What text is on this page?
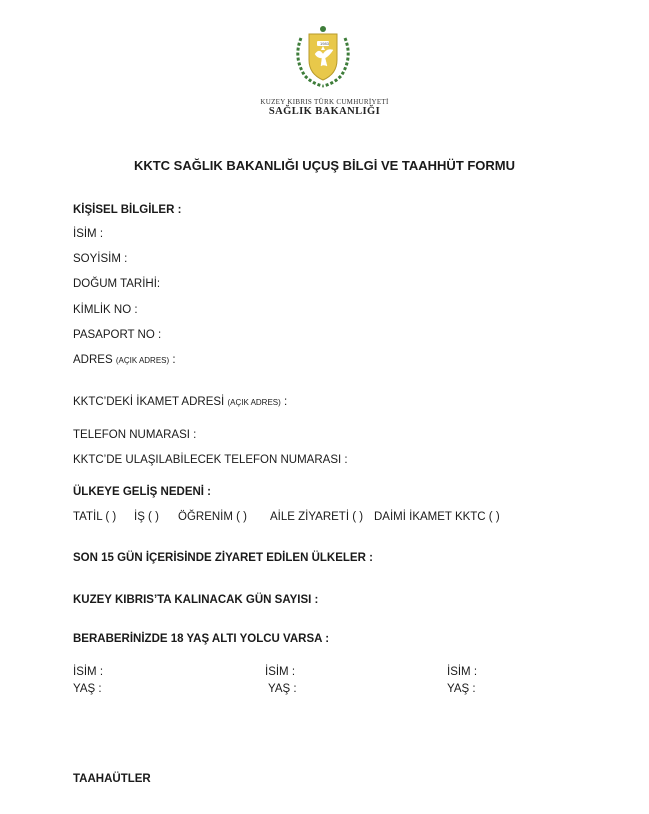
1983
KUZEY KIBRIS TÜRK CUMHURİYETİ
SAĞLIK BAKANLIĞI
KKTC SAĞLIK BAKANLIĞI UÇUŞ BİLGİ VE TAAHHÜT FORMU
KİŞİSEL BİLGİLER :
İSİM :
SOYİSİM :
DOĞUM TARİHİ:
KİMLİK NO :
PASAPORT NO :
ADRES (AÇIK ADRES) :
KKTC’DEKİ İKAMET ADRESİ (AÇIK ADRES) :
TELEFON NUMARASI :
KKTC’DE ULAŞILABİLECEK TELEFON NUMARASI :
ÜLKEYE GELİŞ NEDENİ :
TATİL ( ) İŞ ( ) ÖĞRENİM ( ) AİLE ZİYARETİ ( ) DAİMİ İKAMET KKTC ( )
SON 15 GÜN İÇERİSİNDE ZİYARET EDİLEN ÜLKELER :
KUZEY KIBRIS’TA KALINACAK GÜN SAYISI :
BERABERİNİZDE 18 YAŞ ALTI YOLCU VARSA :
İSİM :
YAŞ :
İSİM :
YAŞ :
İSİM :
YAŞ :
TAAHAÜTLER
